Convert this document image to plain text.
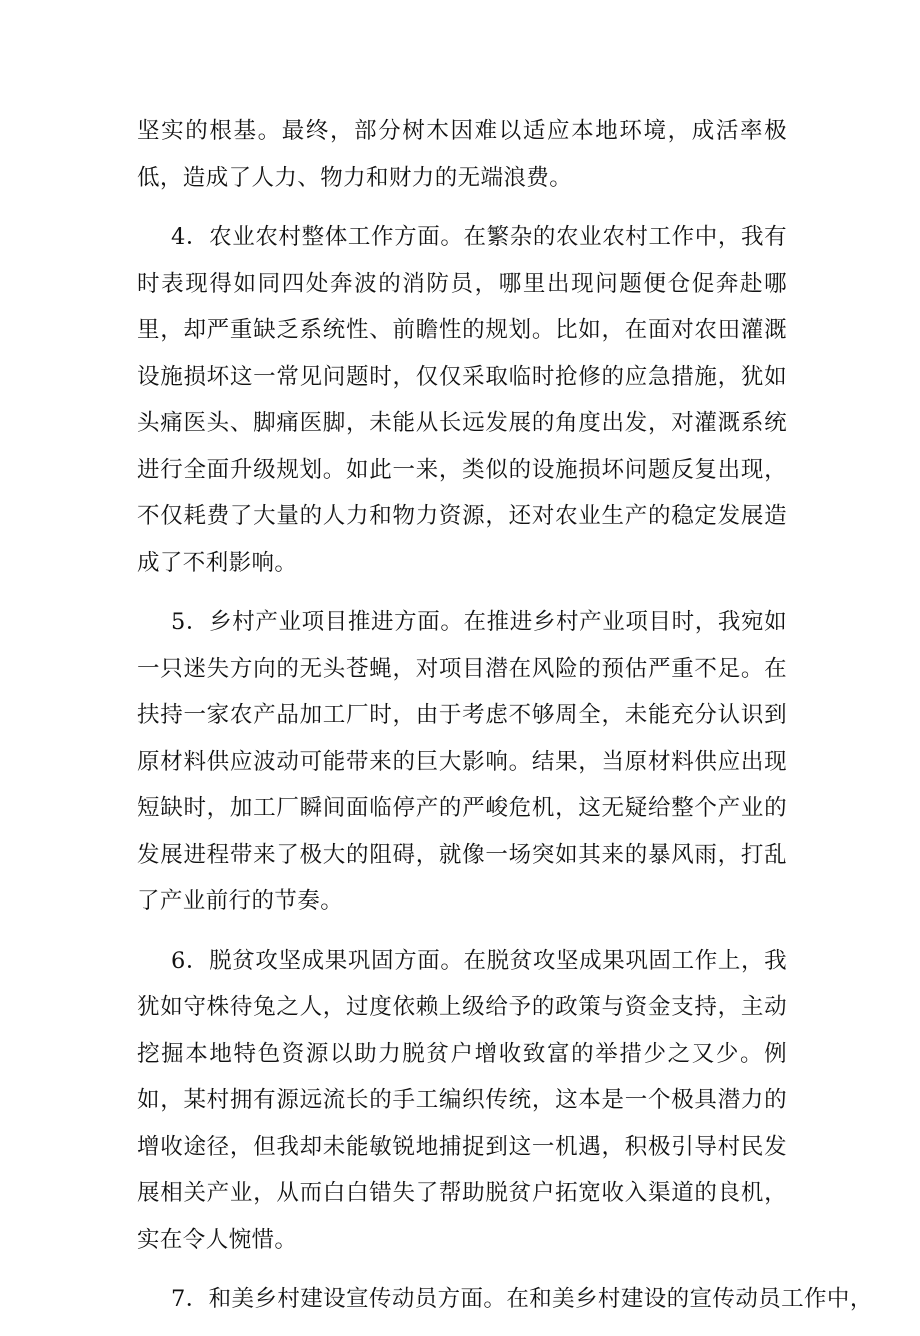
坚实的根基。最终，部分树木因难以适应本地环境，成活率极低，造成了人力、物力和财力的无端浪费。

4．农业农村整体工作方面。在繁杂的农业农村工作中，我有时表现得如同四处奔波的消防员，哪里出现问题便仓促奔赴哪里，却严重缺乏系统性、前瞻性的规划。比如，在面对农田灌溉设施损坏这一常见问题时，仅仅采取临时抢修的应急措施，犹如头痛医头、脚痛医脚，未能从长远发展的角度出发，对灌溉系统进行全面升级规划。如此一来，类似的设施损坏问题反复出现，不仅耗费了大量的人力和物力资源，还对农业生产的稳定发展造成了不利影响。

5．乡村产业项目推进方面。在推进乡村产业项目时，我宛如一只迷失方向的无头苍蝇，对项目潜在风险的预估严重不足。在扶持一家农产品加工厂时，由于考虑不够周全，未能充分认识到原材料供应波动可能带来的巨大影响。结果，当原材料供应出现短缺时，加工厂瞬间面临停产的严峻危机，这无疑给整个产业的发展进程带来了极大的阻碍，就像一场突如其来的暴风雨，打乱了产业前行的节奏。

6．脱贫攻坚成果巩固方面。在脱贫攻坚成果巩固工作上，我犹如守株待兔之人，过度依赖上级给予的政策与资金支持，主动挖掘本地特色资源以助力脱贫户增收致富的举措少之又少。例如，某村拥有源远流长的手工编织传统，这本是一个极具潜力的增收途径，但我却未能敏锐地捕捉到这一机遇，积极引导村民发展相关产业，从而白白错失了帮助脱贫户拓宽收入渠道的良机，实在令人惋惜。

7．和美乡村建设宣传动员方面。在和美乡村建设的宣传动员工作中，
